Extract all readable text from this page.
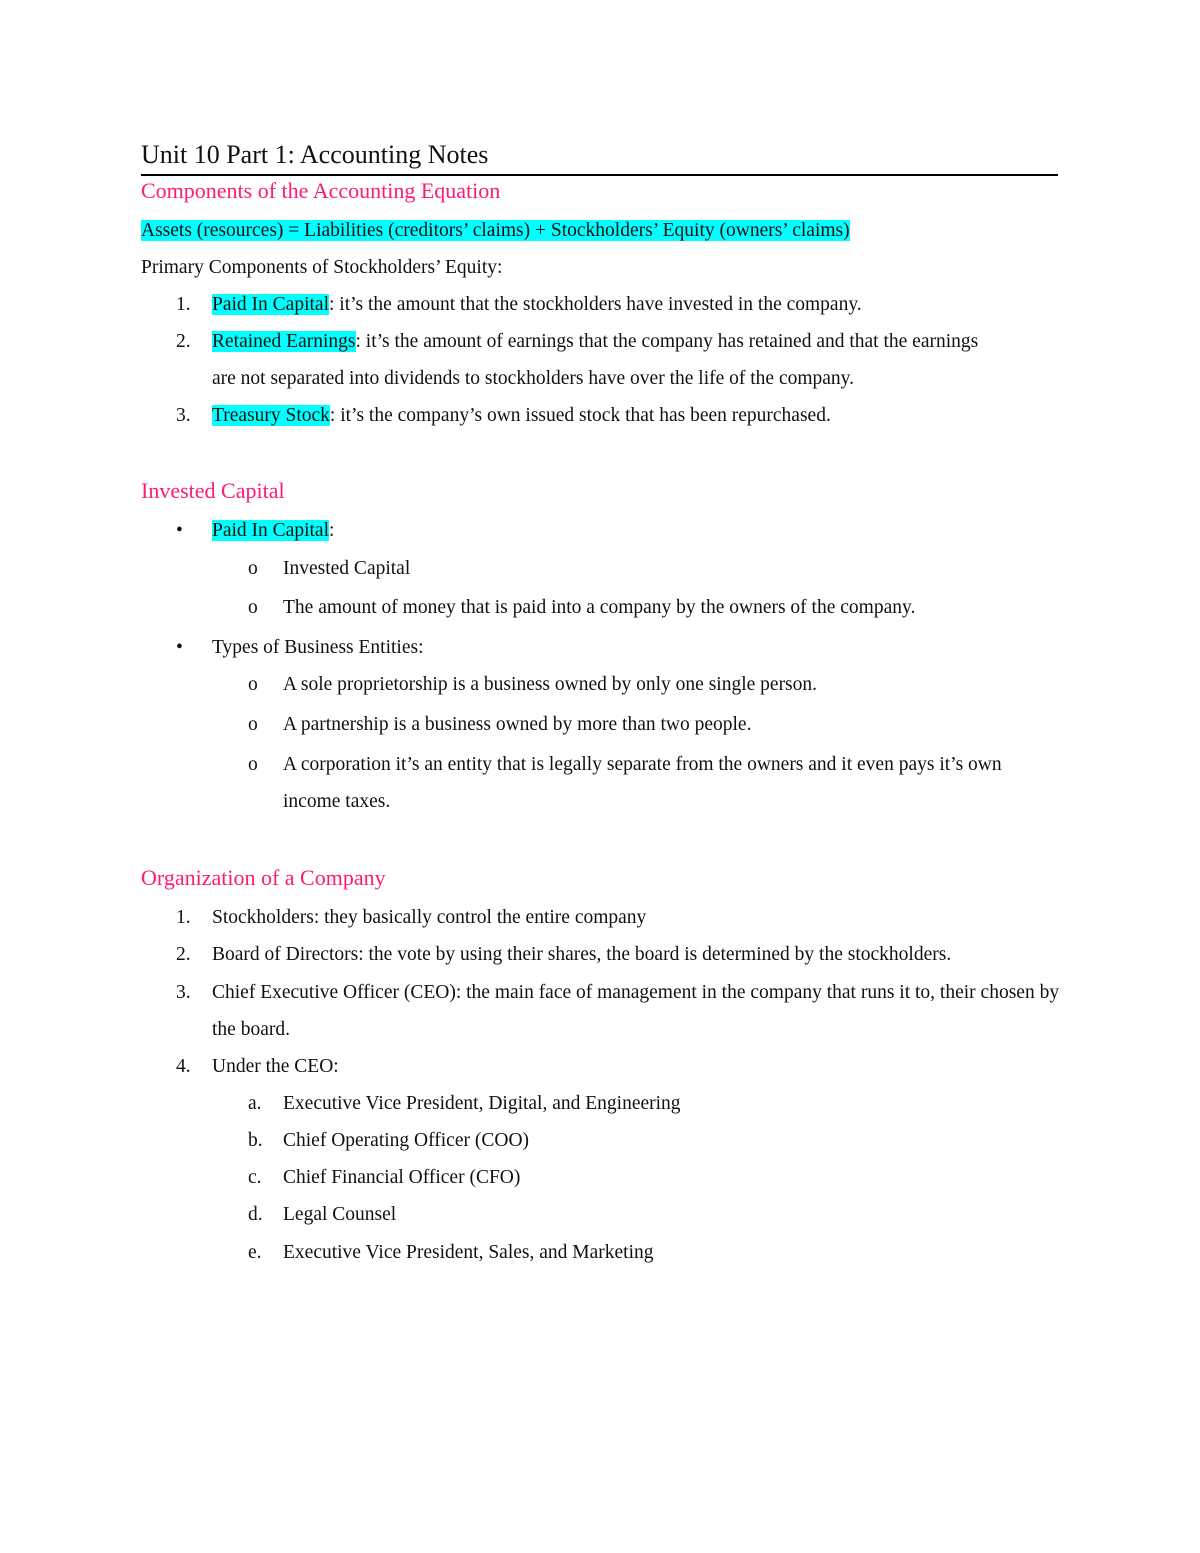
Unit 10 Part 1: Accounting Notes
Components of the Accounting Equation
Assets (resources) = Liabilities (creditors’ claims) + Stockholders’ Equity (owners’ claims)
Primary Components of Stockholders’ Equity:
1. Paid In Capital: it’s the amount that the stockholders have invested in the company.
2. Retained Earnings: it’s the amount of earnings that the company has retained and that the earnings are not separated into dividends to stockholders have over the life of the company.
3. Treasury Stock: it’s the company’s own issued stock that has been repurchased.
Invested Capital
• Paid In Capital:
o Invested Capital
o The amount of money that is paid into a company by the owners of the company.
• Types of Business Entities:
o A sole proprietorship is a business owned by only one single person.
o A partnership is a business owned by more than two people.
o A corporation it’s an entity that is legally separate from the owners and it even pays it’s own income taxes.
Organization of a Company
1. Stockholders: they basically control the entire company
2. Board of Directors: the vote by using their shares, the board is determined by the stockholders.
3. Chief Executive Officer (CEO): the main face of management in the company that runs it to, their chosen by the board.
4. Under the CEO:
a. Executive Vice President, Digital, and Engineering
b. Chief Operating Officer (COO)
c. Chief Financial Officer (CFO)
d. Legal Counsel
e. Executive Vice President, Sales, and Marketing
